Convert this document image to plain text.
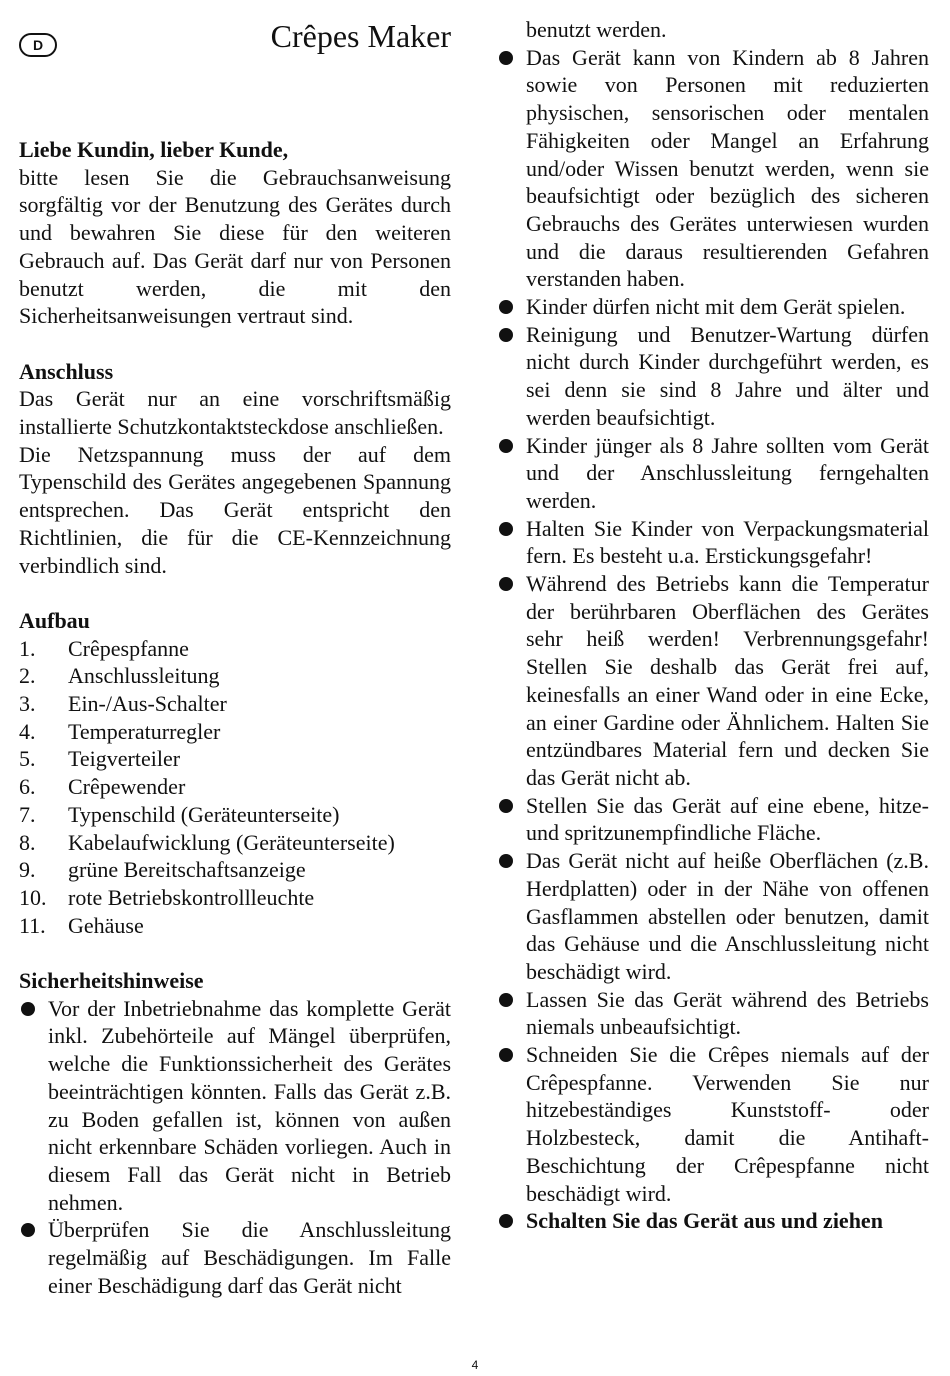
D	Crêpes Maker
Liebe Kundin, lieber Kunde,

bitte lesen Sie die Gebrauchsanweisung sorgfältig vor der Benutzung des Gerätes durch und bewahren Sie diese für den weiteren Gebrauch auf. Das Gerät darf nur von Personen benutzt werden, die mit den Sicherheitsanweisungen vertraut sind.

Anschluss

Das Gerät nur an eine vorschriftsmäßig installierte Schutzkontaktsteckdose anschließen.

Die Netzspannung muss der auf dem Typenschild des Gerätes angegebenen Spannung entsprechen. Das Gerät entspricht den Richtlinien, die für die CE-Kennzeichnung verbindlich sind.

Aufbau
1.	Crêpespfanne
2.	Anschlussleitung
3.	Ein-/Aus-Schalter
4.	Temperaturregler
5.	Teigverteiler
6.	Crêpewender
7.	Typenschild (Geräteunterseite)
8.	Kabelaufwicklung (Geräteunterseite)
9.	grüne Bereitschaftsanzeige
10. rote Betriebskontrollleuchte
11.	Gehäuse
Sicherheitshinweise
Vor der Inbetriebnahme das komplette Gerät inkl. Zubehörteile auf Mängel überprüfen, welche die Funktionssicherheit des Gerätes beeinträchtigen könnten. Falls das Gerät z.B. zu Boden gefallen ist, können von außen nicht erkennbare Schäden vorliegen. Auch in diesem Fall das Gerät nicht in Betrieb nehmen.
Überprüfen Sie die Anschlussleitung regelmäßig auf Beschädigungen. Im Falle einer Beschädigung darf das Gerät nicht
benutzt werden.
Das Gerät kann von Kindern ab 8 Jahren sowie von Personen mit reduzierten physischen, sensorischen oder mentalen Fähigkeiten oder Mangel an Erfahrung und/oder Wissen benutzt werden, wenn sie beaufsichtigt oder bezüglich des sicheren Gebrauchs des Gerätes unterwiesen wurden und die daraus resultierenden Gefahren verstanden haben.
Kinder dürfen nicht mit dem Gerät spielen.
Reinigung und Benutzer-Wartung dürfen nicht durch Kinder durchgeführt werden, es sei denn sie sind 8 Jahre und älter und werden beaufsichtigt.
Kinder jünger als 8 Jahre sollten vom Gerät und der Anschlussleitung ferngehalten werden.
Halten Sie Kinder von Verpackungsmaterial fern. Es besteht u.a. Erstickungsgefahr!
Während des Betriebs kann die Temperatur der berührbaren Oberflächen des Gerätes sehr heiß werden! Verbrennungsgefahr! Stellen Sie deshalb das Gerät frei auf, keinesfalls an einer Wand oder in eine Ecke, an einer Gardine oder Ähnlichem. Halten Sie entzündbares Material fern und decken Sie das Gerät nicht ab.
Stellen Sie das Gerät auf eine ebene, hitze- und spritzunempfindliche Fläche.
Das Gerät nicht auf heiße Oberflächen (z.B. Herdplatten) oder in der Nähe von offenen Gasflammen abstellen oder benutzen, damit das Gehäuse und die Anschlussleitung nicht beschädigt wird.
Lassen Sie das Gerät während des Betriebs niemals unbeaufsichtigt.
Schneiden Sie die Crêpes niemals auf der Crêpespfanne. Verwenden Sie nur hitzebeständiges Kunststoff- oder Holzbesteck, damit die Antihaft-Beschichtung der Crêpespfanne nicht beschädigt wird.
Schalten Sie das Gerät aus und ziehen
4
